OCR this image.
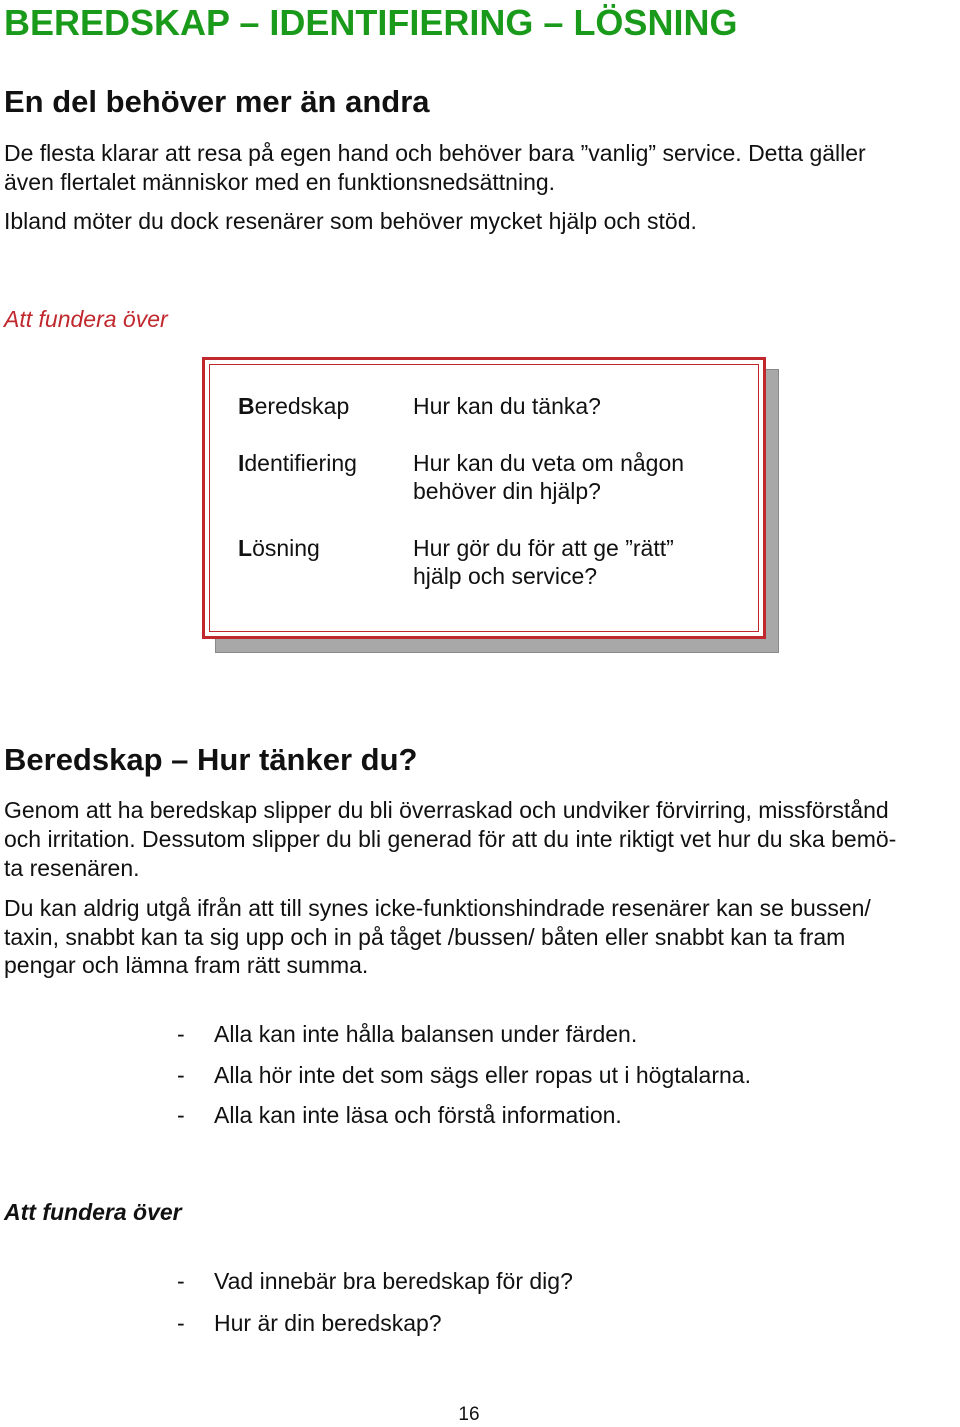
BEREDSKAP – IDENTIFIERING – LÖSNING
En del behöver mer än andra
De flesta klarar att resa på egen hand och behöver bara ”vanlig” service. Detta gäller
även flertalet människor med en funktionsnedsättning.
Ibland möter du dock resenärer som behöver mycket hjälp och stöd.
Att fundera över
Beredskap	Hur kan du tänka?
Identifiering Hur kan du veta om någon
behöver din hjälp?
Lösning	Hur gör du för att ge ”rätt”
hjälp och service?
Beredskap – Hur tänker du?
Genom att ha beredskap slipper du bli överraskad och undviker förvirring, missförstånd
och irritation. Dessutom slipper du bli generad för att du inte riktigt vet hur du ska bemö-
ta resenären.
Du kan aldrig utgå ifrån att till synes icke-funktionshindrade resenärer kan se bussen/
taxin, snabbt kan ta sig upp och in på tåget /bussen/ båten eller snabbt kan ta fram
pengar och lämna fram rätt summa.
- Alla kan inte hålla balansen under färden.
- Alla hör inte det som sägs eller ropas ut i högtalarna.
- Alla kan inte läsa och förstå information.
Att fundera över
- Vad innebär bra beredskap för dig?
- Hur är din beredskap?
16
